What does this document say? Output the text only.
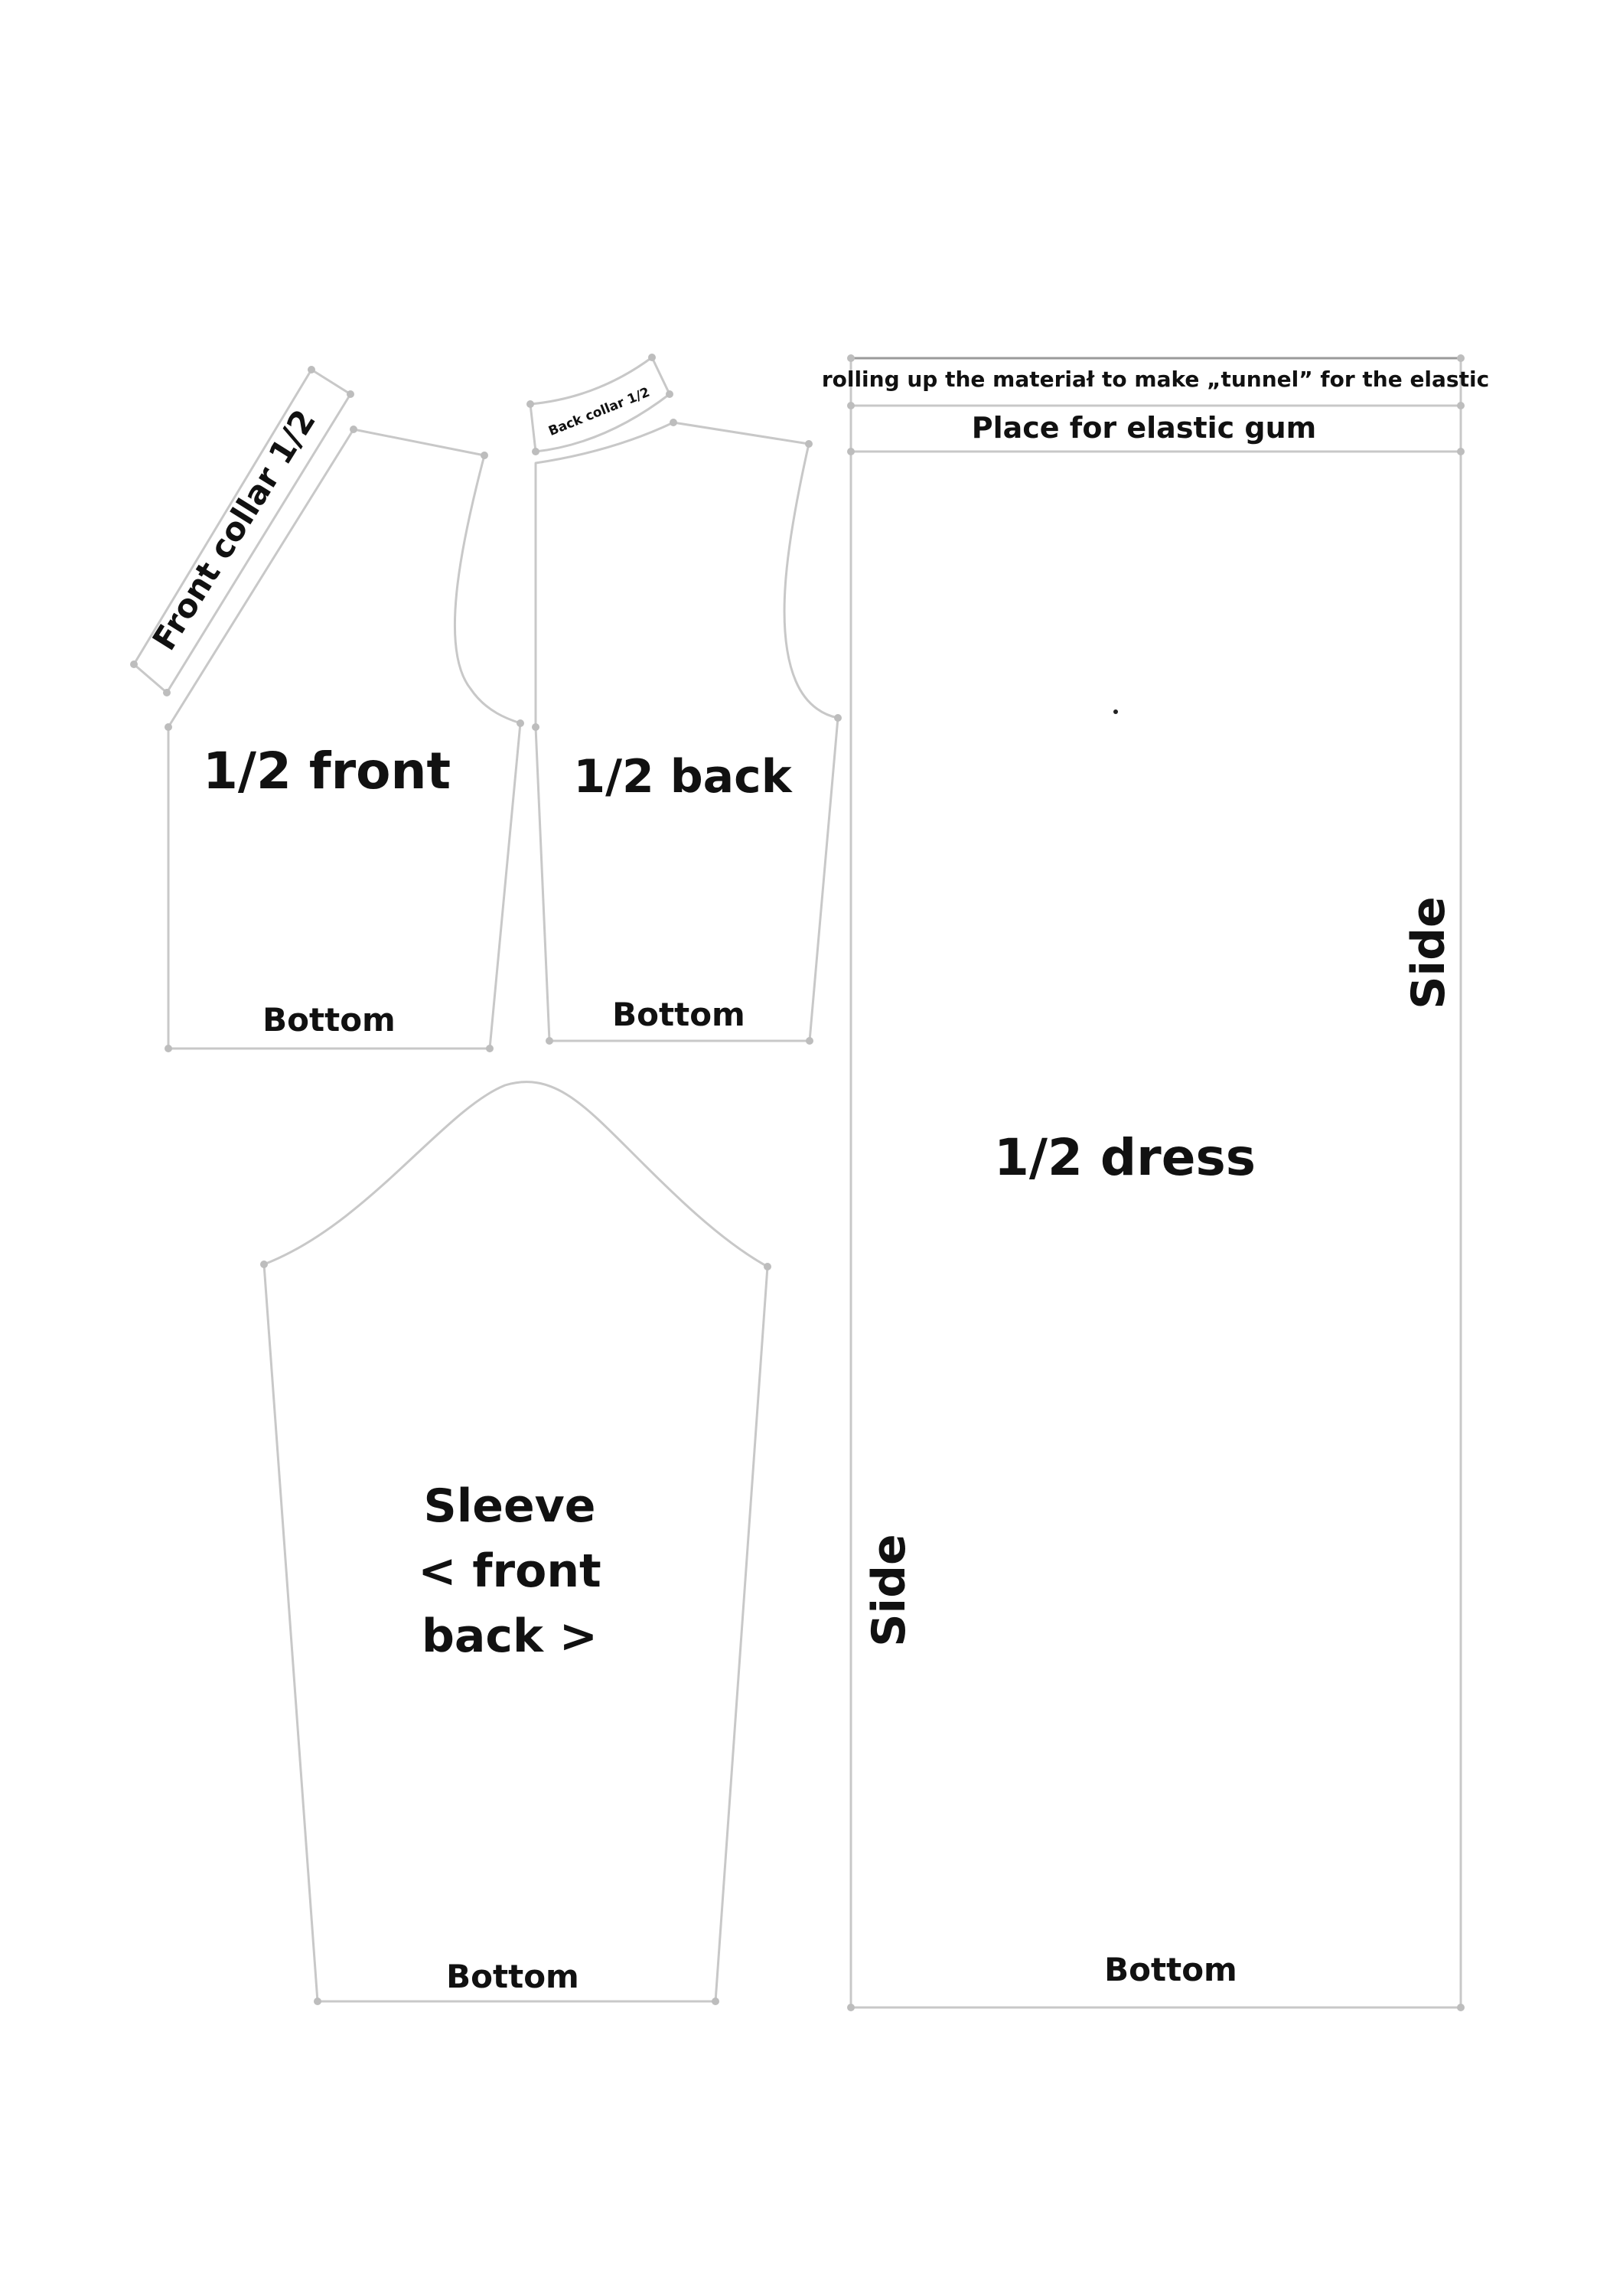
Front collar 1/2
1/2 front
Bottom
Back collar 1/2
1/2 back
Bottom
Sleeve
< front
back >
Bottom
rolling up the materiał to make „tunnel” for the elastic
Place for elastic gum
1/2 dress
Side
Side
Bottom
